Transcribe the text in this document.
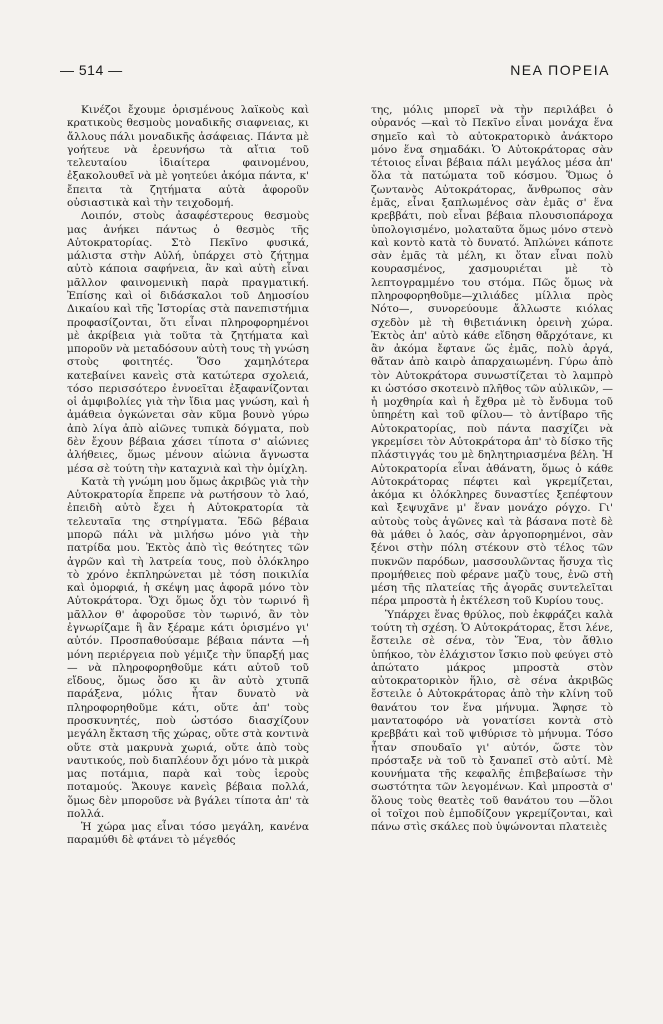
— 514 —	ΝΕΑ ΠΟΡΕΙΑ

Κινέζοι ἔχουμε ὁρισμένους λαϊκοὺς καὶ κρατικοὺς θεσμοὺς μοναδικῆς σιαφνειας, κι ἄλλους πάλι μοναδικῆς ἀσάφειας. Πάντα μὲ γοήτευε νὰ ἐρευνήσω τὰ αἴτια τοῦ τελευταίου ἰδιαίτερα φαινομένου, ἐξακολουθεῖ νὰ μὲ γοητεύει ἀκόμα πάντα, κ' ἔπειτα τὰ ζητήματα αὐτὰ ἀφοροῦν οὐσιαστικὰ καὶ τὴν τειχοδομή.

Λοιπόν, στοὺς ἀσαφέστερους θεσμοὺς μας ἀνήκει πάντως ὁ θεσμὸς τῆς Αὐτοκρατορίας. Στὸ Πεκῖνο φυσικά, μάλιστα στὴν Αὐλή, ὑπάρχει στὸ ζήτημα αὐτὸ κάποια σαφήνεια, ἂν καὶ αὐτὴ εἶναι μᾶλλον φαινομενικὴ παρὰ πραγματική. Ἐπίσης καὶ οἱ διδάσκαλοι τοῦ Δημοσίου Δικαίου καὶ τῆς Ἱστορίας στὰ πανεπιστήμια προφασίζονται, ὅτι εἶναι πληροφορημένοι μὲ ἀκρίβεια γιὰ τοῦτα τὰ ζητήματα καὶ μποροῦν νὰ μεταδόσουν αὐτὴ τους τὴ γνώση στοὺς φοιτητές. Ὅσο χαμηλότερα κατεβαίνει κανεὶς στὰ κατώτερα σχολειά, τόσο περισσότερο ἐννοεῖται ἐξαφανίζονται οἱ ἀμφιβολίες γιὰ τὴν ἴδια μας γνώση, καὶ ἡ ἀμάθεια ὀγκώνεται σὰν κῦμα βουνὸ γύρω ἀπὸ λίγα ἀπὸ αἰῶνες τυπικὰ δόγματα, ποὺ δὲν ἔχουν βέβαια χάσει τίποτα σ' αἰώνιες ἀλήθειες, ὅμως μένουν αἰώνια ἄγνωστα μέσα σὲ τούτη τὴν καταχνιὰ καὶ τὴν ὁμίχλη.

Κατὰ τὴ γνώμη μου ὅμως ἀκριβῶς γιὰ τὴν Αὐτοκρατορία ἔπρεπε νὰ ρωτήσουν τὸ λαό, ἐπειδὴ αὐτὸ ἔχει ἡ Αὐτοκρατορία τὰ τελευταῖα της στηρίγματα. Ἐδῶ βέβαια μπορῶ πάλι νὰ μιλήσω μόνο γιὰ τὴν πατρίδα μου. Ἐκτὸς ἀπὸ τὶς θεότητες τῶν ἀγρῶν καὶ τὴ λατρεία τους, ποὺ ὁλόκληρο τὸ χρόνο ἐκπληρώνεται μὲ τόση ποικιλία καὶ ὁμορφιά, ἡ σκέψη μας ἀφορᾶ μόνο τὸν Αὐτοκράτορα. Ὄχι ὅμως ὄχι τὸν τωρινό ἢ μᾶλλον θ' ἀφοροῦσε τὸν τωρινό, ἂν τὸν ἐγνωρίζαμε ἢ ἂν ξέραμε κάτι ὁρισμένο γι' αὐτόν. Προσπαθούσαμε βέβαια πάντα —ἡ μόνη περιέργεια ποὺ γέμιζε τὴν ὕπαρξή μας— νὰ πληροφορηθοῦμε κάτι αὐτοῦ τοῦ εἴδους, ὅμως ὅσο κι ἂν αὐτὸ χτυπᾶ παράξενα, μόλις ἦταν δυνατὸ νὰ πληροφορηθοῦμε κάτι, οὔτε ἀπ' τοὺς προσκυνητές, ποὺ ὡστόσο διασχίζουν μεγάλη ἔκταση τῆς χώρας, οὔτε στὰ κοντινὰ οὔτε στὰ μακρυνὰ χωριά, οὔτε ἀπὸ τοὺς ναυτικούς, ποὺ διαπλέουν ὄχι μόνο τὰ μικρὰ μας ποτάμια, παρὰ καὶ τοὺς ἱεροὺς ποταμούς. Ἄκουγε κανεὶς βέβαια πολλά, ὅμως δὲν μποροῦσε νὰ βγάλει τίποτα ἀπ' τὰ πολλά.

Ἡ χώρα μας εἶναι τόσο μεγάλη, κανένα παραμύθι δὲ φτάνει τὸ μέγεθός

της, μόλις μπορεῖ νὰ τὴν περιλάβει ὁ οὐρανός —καὶ τὸ Πεκῖνο εἶναι μονάχα ἕνα σημεῖο καὶ τὸ αὐτοκρατορικὸ ἀνάκτορο μόνο ἕνα σημαδάκι. Ὁ Αὐτοκράτορας σὰν τέτοιος εἶναι βέβαια πάλι μεγάλος μέσα ἀπ' ὅλα τὰ πατώματα τοῦ κόσμου. Ὅμως ὁ ζωντανὸς Αὐτοκράτορας, ἄνθρωπος σὰν ἐμᾶς, εἶναι ξαπλωμένος σὰν ἐμᾶς σ' ἕνα κρεββάτι, ποὺ εἶναι βέβαια πλουσιοπάροχα ὑπολογισμένο, μολαταῦτα ὅμως μόνο στενὸ καὶ κοντὸ κατὰ τὸ δυνατό. Ἁπλώνει κάποτε σὰν ἐμᾶς τὰ μέλη, κι ὅταν εἶναι πολὺ κουρασμένος, χασμουριέται μὲ τὸ λεπτογραμμένο του στόμα. Πῶς ὅμως νὰ πληροφορηθοῦμε—χιλιάδες μίλλια πρὸς Νότο—, συνορεύουμε ἄλλωστε κιόλας σχεδὸν μὲ τὴ θιβετιάνικη ὀρεινὴ χώρα. Ἐκτὸς ἀπ' αὐτὸ κάθε εἴδηση θἄρχότανε, κι ἂν ἀκόμα ἔφτανε ὥς ἐμᾶς, πολὺ ἀργά, θἄταν ἀπὸ καιρὸ ἀπαρχαιωμένη. Γύρω ἀπὸ τὸν Αὐτοκράτορα συνωστίζεται τὸ λαμπρὸ κι ὡστόσο σκοτεινὸ πλῆθος τῶν αὐλικῶν, —ἡ μοχθηρία καὶ ἡ ἔχθρα μὲ τὸ ἔνδυμα τοῦ ὑπηρέτη καὶ τοῦ φίλου— τὸ ἀντίβαρο τῆς Αὐτοκρατορίας, ποὺ πάντα πασχίζει νὰ γκρεμίσει τὸν Αὐτοκράτορα ἀπ' τὸ δίσκο τῆς πλάστιγγάς του μὲ δηλητηριασμένα βέλη. Ἡ Αὐτοκρατορία εἶναι ἀθάνατη, ὅμως ὁ κάθε Αὐτοκράτορας πέφτει καὶ γκρεμίζεται, ἀκόμα κι ὁλόκληρες δυναστίες ξεπέφτουν καὶ ξεψυχᾶνε μ' ἕναν μονάχο ρόγχο. Γι' αὐτοὺς τοὺς ἀγῶνες καὶ τὰ βάσανα ποτὲ δὲ θὰ μάθει ὁ λαός, σὰν ἀργοπορημένοι, σὰν ξένοι στὴν πόλη στέκουν στὸ τέλος τῶν πυκνῶν παρόδων, μασσουλῶντας ἥσυχα τὶς προμήθειες ποὺ φέρανε μαζὺ τους, ἐνῶ στὴ μέση τῆς πλατείας τῆς ἀγορᾶς συντελεῖται πέρα μπροστὰ ἡ ἐκτέλεση τοῦ Κυρίου τους.

Ὑπάρχει ἕνας θρύλος, ποὺ ἐκφράζει καλὰ τούτη τὴ σχέση. Ὁ Αὐτοκράτορας, ἔτσι λένε, ἔστειλε σὲ σένα, τὸν Ἕνα, τὸν ἄθλιο ὑπήκοο, τὸν ἐλάχιστον ἴσκιο ποὺ φεύγει στὸ ἀπώτατο μάκρος μπροστὰ στὸν αὐτοκρατορικὸν ἥλιο, σὲ σένα ἀκριβῶς ἔστειλε ὁ Αὐτοκράτορας ἀπὸ τὴν κλίνη τοῦ θανάτου τον ἕνα μήνυμα. Ἄφησε τὸ μαντατοφόρο νὰ γονατίσει κοντὰ στὸ κρεββάτι καὶ τοῦ ψιθύρισε τὸ μήνυμα. Τόσο ἦταν σπουδαῖο γι' αὐτόν, ὥστε τὸν πρόσταξε νὰ τοῦ τὸ ξαναπεῖ στὸ αὐτί. Μὲ κουνήματα τῆς κεφαλῆς ἐπιβεβαίωσε τὴν σωστότητα τῶν λεγομένων. Καὶ μπροστὰ σ' ὅλους τοὺς θεατὲς τοῦ θανάτου του —ὅλοι οἱ τοῖχοι ποὺ ἐμποδίζουν γκρεμίζονται, καὶ πάνω στὶς σκάλες ποὺ ὑψώνονται πλατειὲς
